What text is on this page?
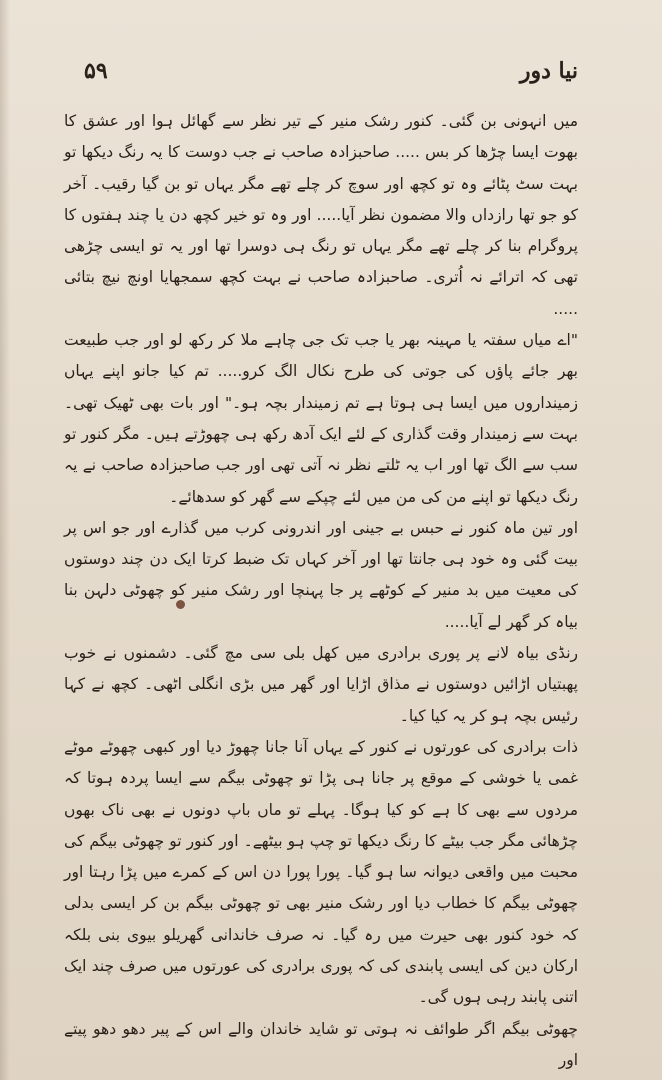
۵۹	نیا دور

میں انہونی بن گئی۔ کنور رشک منیر کے تیر نظر سے گھائل ہوا اور عشق کا بھوت ایسا چڑھا کر بس ..... صاحبزادہ صاحب نے جب دوست کا یہ رنگ دیکھا تو بہت سٹ پٹائے وہ تو کچھ اور سوچ کر چلے تھے مگر یہاں تو بن گیا رقیب۔ آخر کو جو تھا رازداں والا مضمون نظر آیا..... اور وہ تو خیر کچھ دن یا چند ہفتوں کا پروگرام بنا کر چلے تھے مگر یہاں تو رنگ ہی دوسرا تھا اور یہ تو ایسی چڑھی تھی کہ اترائے نہ اُتری۔ صاحبزادہ صاحب نے بہت کچھ سمجھایا اونچ نیچ بتائی .....

"اے میاں سفتہ یا مہینہ بھر یا جب تک جی چاہے ملا کر رکھ لو اور جب طبیعت بھر جائے پاؤں کی جوتی کی طرح نکال الگ کرو..... تم کیا جانو اپنے یہاں زمینداروں میں ایسا ہی ہوتا ہے تم زمیندار بچہ ہو۔" اور بات بھی ٹھیک تھی۔ بہت سے زمیندار وقت گذاری کے لئے ایک آدھ رکھ ہی چھوڑتے ہیں۔ مگر کنور تو سب سے الگ تھا اور اب یہ ٹلتے نظر نہ آتی تھی اور جب صاحبزادہ صاحب نے یہ رنگ دیکھا تو اپنے من کی من میں لئے چپکے سے گھر کو سدھائے۔

اور تین ماہ کنور نے حبس بے جینی اور اندرونی کرب میں گذارے اور جو اس پر بیت گئی وہ خود ہی جانتا تھا اور آخر کہاں تک ضبط کرتا ایک دن چند دوستوں کی معیت میں بد منیر کے کوٹھے پر جا پہنچا اور رشک منیر کو چھوٹی دلہن بنا بیاہ کر گھر لے آیا.....

رنڈی بیاہ لانے پر پوری برادری میں کھل بلی سی مچ گئی۔ دشمنوں نے خوب پھبتیاں اڑائیں دوستوں نے مذاق اڑایا اور گھر میں بڑی انگلی اٹھی۔ کچھ نے کہا رئیس بچہ ہو کر یہ کیا کیا۔

ذات برادری کی عورتوں نے کنور کے یہاں آنا جانا چھوڑ دیا اور کبھی چھوٹے موٹے غمی یا خوشی کے موقع پر جانا ہی پڑا تو چھوٹی بیگم سے ایسا پردہ ہوتا کہ مردوں سے بھی کا ہے کو کیا ہوگا۔ پہلے تو ماں باپ دونوں نے بھی ناک بھوں چڑھائی مگر جب بیٹے کا رنگ دیکھا تو چپ ہو بیٹھے۔ اور کنور تو چھوٹی بیگم کی محبت میں واقعی دیوانہ سا ہو گیا۔ پورا پورا دن اس کے کمرے میں پڑا رہتا اور چھوٹی بیگم کا خطاب دیا اور رشک منیر بھی تو چھوٹی بیگم بن کر ایسی بدلی کہ خود کنور بھی حیرت میں رہ گیا۔ نہ صرف خاندانی گھریلو بیوی بنی بلکہ ارکان دین کی ایسی پابندی کی کہ پوری برادری کی عورتوں میں صرف چند ایک اتنی پابند رہی ہوں گی۔

چھوٹی بیگم اگر طوائف نہ ہوتی تو شاید خاندان والے اس کے پیر دھو دھو پیتے اور
